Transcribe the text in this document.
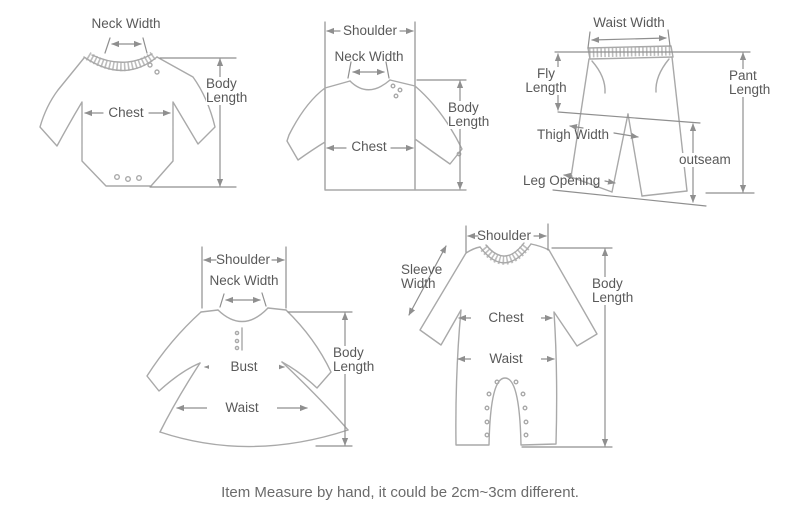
Neck Width
Chest
Body Length
Shoulder
Neck Width
Chest
Body Length
Waist Width
Fly Length
Thigh Width
Leg Opening
outseam
Pant Length
Shoulder
Neck Width
Bust
Waist
Body Length
Shoulder
Sleeve Width
Chest
Waist
Body Length
Item Measure by hand, it could be 2cm~3cm different.
